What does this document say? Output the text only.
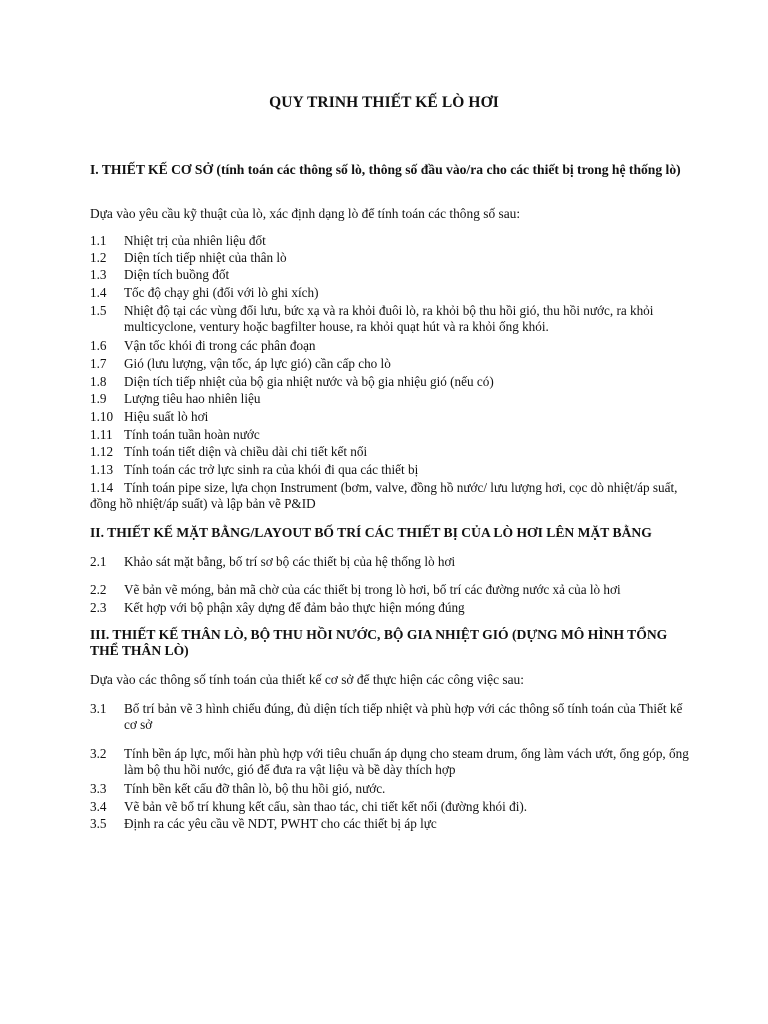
QUY TRINH THIẾT KẾ LÒ HƠI
I. THIẾT KẾ CƠ SỞ (tính toán các thông số lò, thông số đầu vào/ra cho các thiết bị trong hệ thống lò)
Dựa vào yêu cầu kỹ thuật của lò, xác định dạng lò để tính toán các thông số sau:
1.1	Nhiệt trị của nhiên liệu đốt
1.2	Diện tích tiếp nhiệt của thân lò
1.3	Diện tích buồng đốt
1.4	Tốc độ chạy ghi (đối với lò ghi xích)
1.5	Nhiệt độ tại các vùng đối lưu, bức xạ và ra khỏi đuôi lò, ra khỏi bộ thu hồi gió, thu hồi nước, ra khỏi multicyclone, ventury hoặc bagfilter house, ra khỏi quạt hút và ra khỏi ống khói.
1.6	Vận tốc khói đi trong các phân đoạn
1.7	Gió (lưu lượng, vận tốc, áp lực gió) cần cấp cho lò
1.8	Diện tích tiếp nhiệt của bộ gia nhiệt nước và bộ gia nhiệu gió (nếu có)
1.9	Lượng tiêu hao nhiên liệu
1.10 Hiệu suất lò hơi
1.11 Tính toán tuần hoàn nước
1.12 Tính toán tiết diện và chiều dài chi tiết kết nối
1.13 Tính toán các trở lực sinh ra của khói đi qua các thiết bị
1.14 Tính toán pipe size, lựa chọn Instrument (bơm, valve, đồng hồ nước/ lưu lượng hơi, cọc dò nhiệt/áp suất, đồng hồ nhiệt/áp suất) và lập bản vẽ P&ID
II. THIẾT KẾ MẶT BẰNG/LAYOUT BỐ TRÍ CÁC THIẾT BỊ CỦA LÒ HƠI LÊN MẶT BẰNG
2.1	Khảo sát mặt bằng, bố trí sơ bộ các thiết bị của hệ thống lò hơi
2.2	Vẽ bản vẽ móng, bản mã chờ của các thiết bị trong lò hơi, bố trí các đường nước xả của lò hơi
2.3	Kết hợp với bộ phận xây dựng để đảm bảo thực hiện móng đúng
III. THIẾT KẾ THÂN LÒ, BỘ THU HỒI NƯỚC, BỘ GIA NHIỆT GIÓ (DỰNG MÔ HÌNH TỔNG THỂ THÂN LÒ)
Dựa vào các thông số tính toán của thiết kế cơ sở để thực hiện các công việc sau:
3.1	Bố trí bản vẽ 3 hình chiếu đúng, đủ diện tích tiếp nhiệt và phù hợp với các thông số tính toán của Thiết kế cơ sở
3.2	Tính bền áp lực, mối hàn phù hợp với tiêu chuẩn áp dụng cho steam drum, ống làm vách ướt, ống góp, ống làm bộ thu hồi nước, gió để đưa ra vật liệu và bề dày thích hợp
3.3	Tính bền kết cấu đỡ thân lò, bộ thu hồi gió, nước.
3.4	Vẽ bản vẽ bố trí khung kết cấu, sàn thao tác, chi tiết kết nối (đường khói đi).
3.5	Định ra các yêu cầu về NDT, PWHT cho các thiết bị áp lực
